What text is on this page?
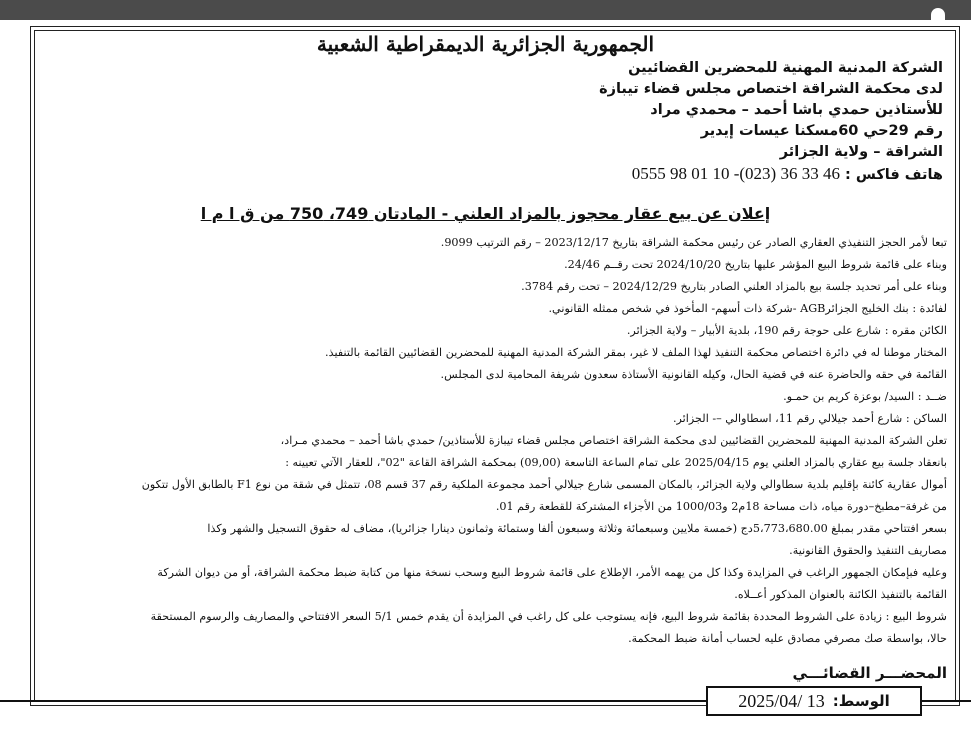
الجمهورية الجزائرية الديمقراطية الشعبية
الشركة المدنية المهنية للمحضرين القضائيين
لدى محكمة الشراقة اختصاص مجلس قضاء تيبازة
للأستاذين حمدي باشا أحمد – محمدي مراد
رقم 29حي 60مسكنا عيسات إيدير
الشراقة – ولاية الجزائر
هاتف فاكس : 0555 98 01 10 -(023) 36 33 46
إعلان عن بيع عقار محجوز بالمزاد العلني - المادتان 749، 750 من ق ا م ا

تبعا لأمر الحجز التنفيذي العقاري الصادر عن رئيس محكمة الشراقة بتاريخ 2023/12/17 – رقم الترتيب 9099.

وبناء على قائمة شروط البيع المؤشر عليها بتاريخ 2024/10/20 تحت رقــم 24/46.

وبناء على أمر تحديد جلسة بيع بالمزاد العلني الصادر بتاريخ 2024/12/29 – تحت رقم 3784.

لفائدة : بنك الخليج الجزائرAGB -شركة ذات أسهم- المأخوذ في شخص ممثله القانوني.

الكائن مقره : شارع على حوجة رقم 190، بلدية الأبيار – ولاية الجزائر.

المختار موطنا له في دائرة اختصاص محكمة التنفيذ لهذا الملف لا غير، بمقر الشركة المدنية المهنية للمحضرين القضائيين القائمة بالتنفيذ.

القائمة في حقه والحاضرة عنه في قضية الحال، وكيله القانونية الأستاذة سعدون شريفة المحامية لدى المجلس.

ضــد : السيد/ بوعزة كريم بن حمـو.

الساكن : شارع أحمد جيلالي رقم 11، اسطاوالي –- الجزائر.

تعلن الشركة المدنية المهنية للمحضرين القضائيين لدى محكمة الشراقة اختصاص مجلس قضاء تيبازة للأستاذين/ حمدي باشا أحمد – محمدي مـراد،

بانعقاد جلسة بيع عقاري بالمزاد العلني يوم 2025/04/15 على تمام الساعة التاسعة (09,00) بمحكمة الشراقة القاعة "02"، للعقار الآتي تعيينه :

أموال عقارية كائنة بإقليم بلدية سطاوالي ولاية الجزائر، بالمكان المسمى شارع جيلالي أحمد مجموعة الملكية رقم 37 قسم 08، تتمثل في شقة من نوع F1 بالطابق الأول تتكون

من غرفة–مطبخ–دورة مياه، ذات مساحة 18م2 و1000/03 من الأجزاء المشتركة للقطعة رقم 01.

بسعر افتتاحي مقدر بمبلغ 5،773،680.00دج (خمسة ملايين وسبعمائة وثلاثة وسبعون ألفا وستمائة وثمانون دينارا جزائريا)، مضاف له حقوق التسجيل والشهر وكذا

مصاريف التنفيذ والحقوق القانونية.

وعليه فبإمكان الجمهور الراغب في المزايدة وكذا كل من يهمه الأمر، الإطلاع على قائمة شروط البيع وسحب نسخة منها من كتابة ضبط محكمة الشراقة، أو من ديوان الشركة

القائمة بالتنفيذ الكائنة بالعنوان المذكور أعــلاه.

شروط البيع : زيادة على الشروط المحددة بقائمة شروط البيع، فإنه يستوجب على كل راغب في المزايدة أن يقدم خمس 5/1 السعر الافتتاحي والمصاريف والرسوم المستحقة

حالا، بواسطة صك مصرفي مصادق عليه لحساب أمانة ضبط المحكمة.

المحضـــر القضائـــي
الوسط:
2025/04/ 13
